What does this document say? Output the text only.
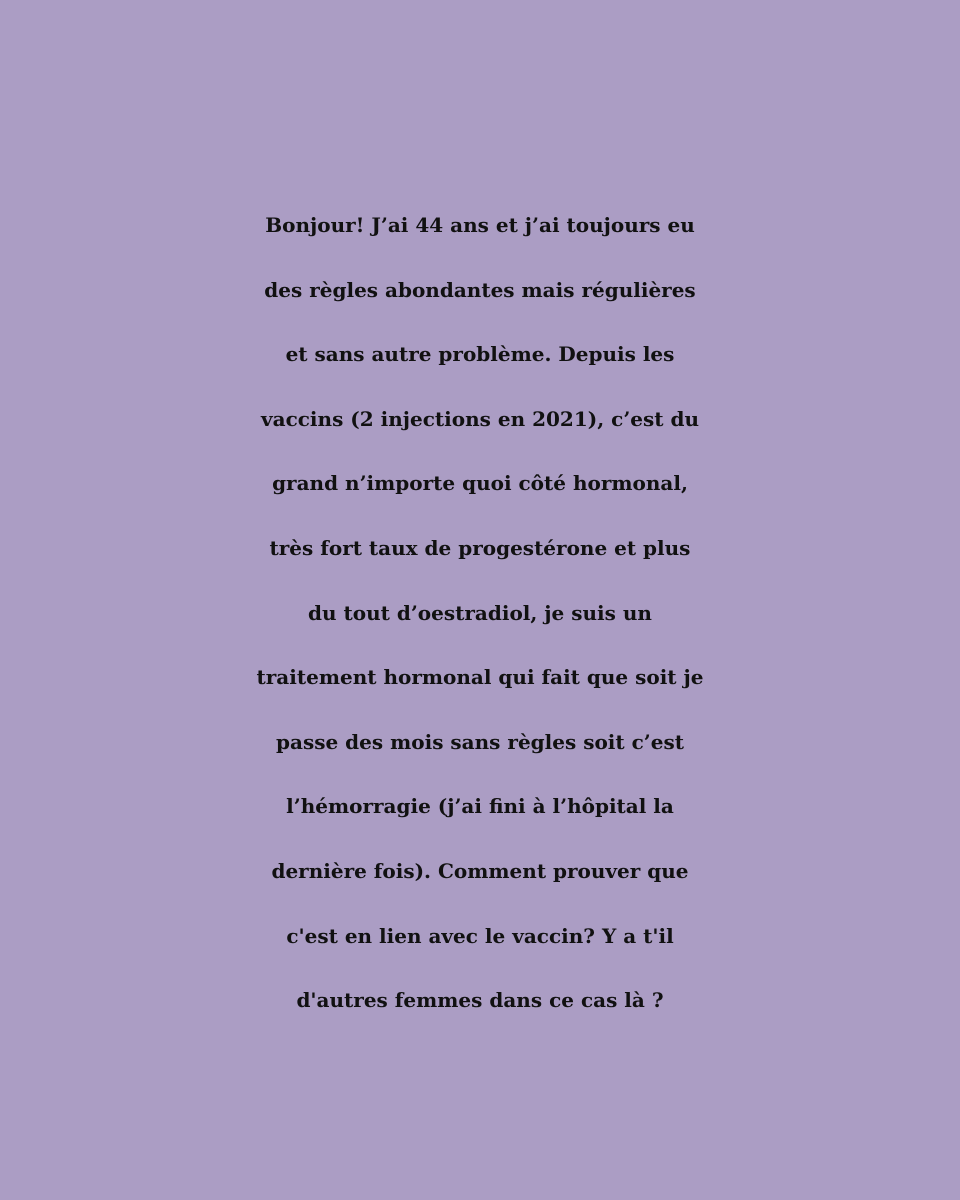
Bonjour! J’ai 44 ans et j’ai toujours eu
des règles abondantes mais régulières
et sans autre problème. Depuis les
vaccins (2 injections en 2021), c’est du
grand n’importe quoi côté hormonal,
très fort taux de progestérone et plus
du tout d’oestradiol, je suis un
traitement hormonal qui fait que soit je
passe des mois sans règles soit c’est
l’hémorragie (j’ai fini à l’hôpital la
dernière fois). Comment prouver que
c'est en lien avec le vaccin? Y a t'il
d'autres femmes dans ce cas là ?
